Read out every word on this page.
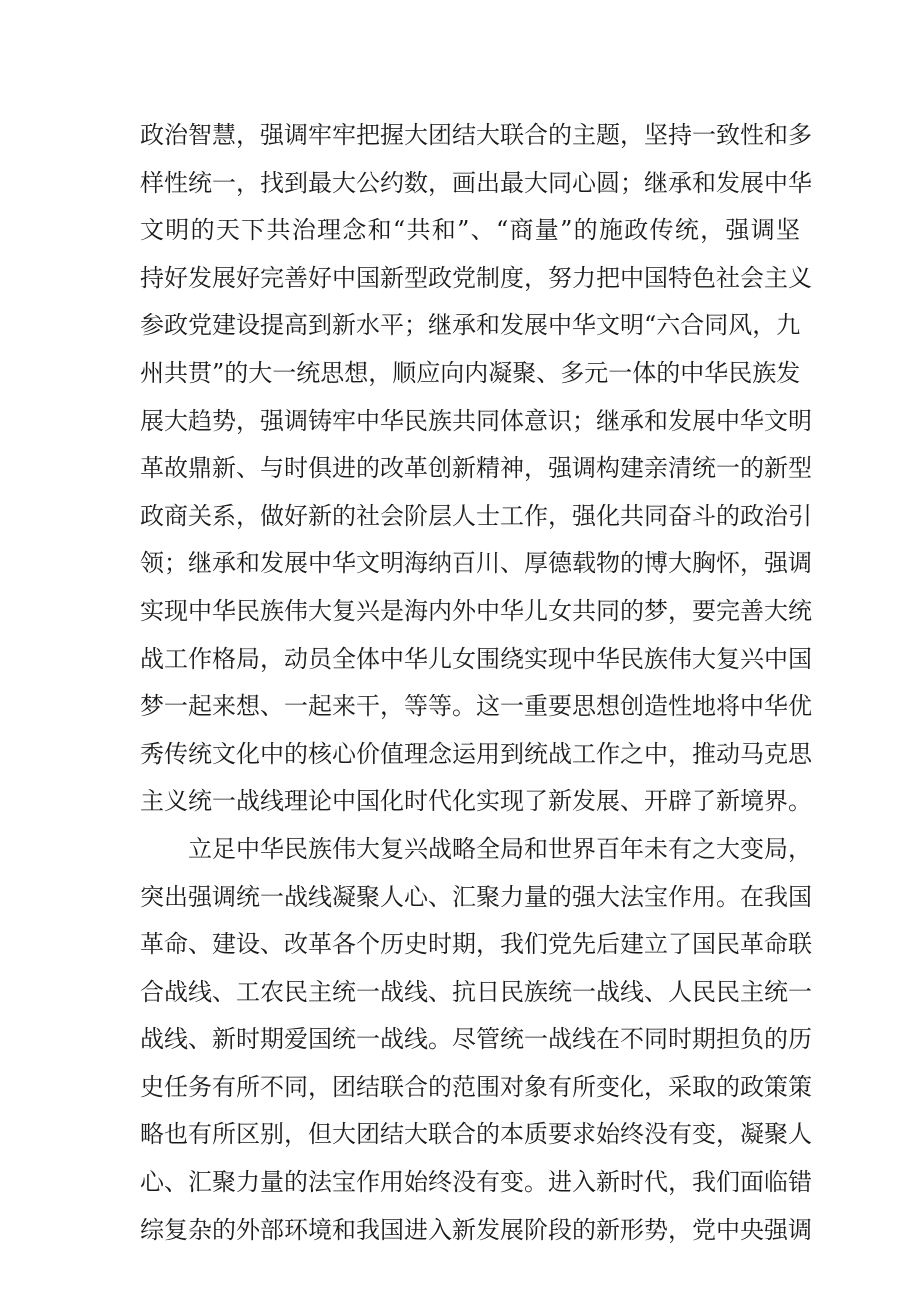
政治智慧，强调牢牢把握大团结大联合的主题，坚持一致性和多
样性统一，找到最大公约数，画出最大同心圆；继承和发展中华
文明的天下共治理念和“共和”、“商量”的施政传统，强调坚
持好发展好完善好中国新型政党制度，努力把中国特色社会主义
参政党建设提高到新水平；继承和发展中华文明“六合同风，九
州共贯”的大一统思想，顺应向内凝聚、多元一体的中华民族发
展大趋势，强调铸牢中华民族共同体意识；继承和发展中华文明
革故鼎新、与时俱进的改革创新精神，强调构建亲清统一的新型
政商关系，做好新的社会阶层人士工作，强化共同奋斗的政治引
领；继承和发展中华文明海纳百川、厚德载物的博大胸怀，强调
实现中华民族伟大复兴是海内外中华儿女共同的梦，要完善大统
战工作格局，动员全体中华儿女围绕实现中华民族伟大复兴中国
梦一起来想、一起来干，等等。这一重要思想创造性地将中华优
秀传统文化中的核心价值理念运用到统战工作之中，推动马克思
主义统一战线理论中国化时代化实现了新发展、开辟了新境界。
立足中华民族伟大复兴战略全局和世界百年未有之大变局，
突出强调统一战线凝聚人心、汇聚力量的强大法宝作用。在我国
革命、建设、改革各个历史时期，我们党先后建立了国民革命联
合战线、工农民主统一战线、抗日民族统一战线、人民民主统一
战线、新时期爱国统一战线。尽管统一战线在不同时期担负的历
史任务有所不同，团结联合的范围对象有所变化，采取的政策策
略也有所区别，但大团结大联合的本质要求始终没有变，凝聚人
心、汇聚力量的法宝作用始终没有变。进入新时代，我们面临错
综复杂的外部环境和我国进入新发展阶段的新形势，党中央强调
